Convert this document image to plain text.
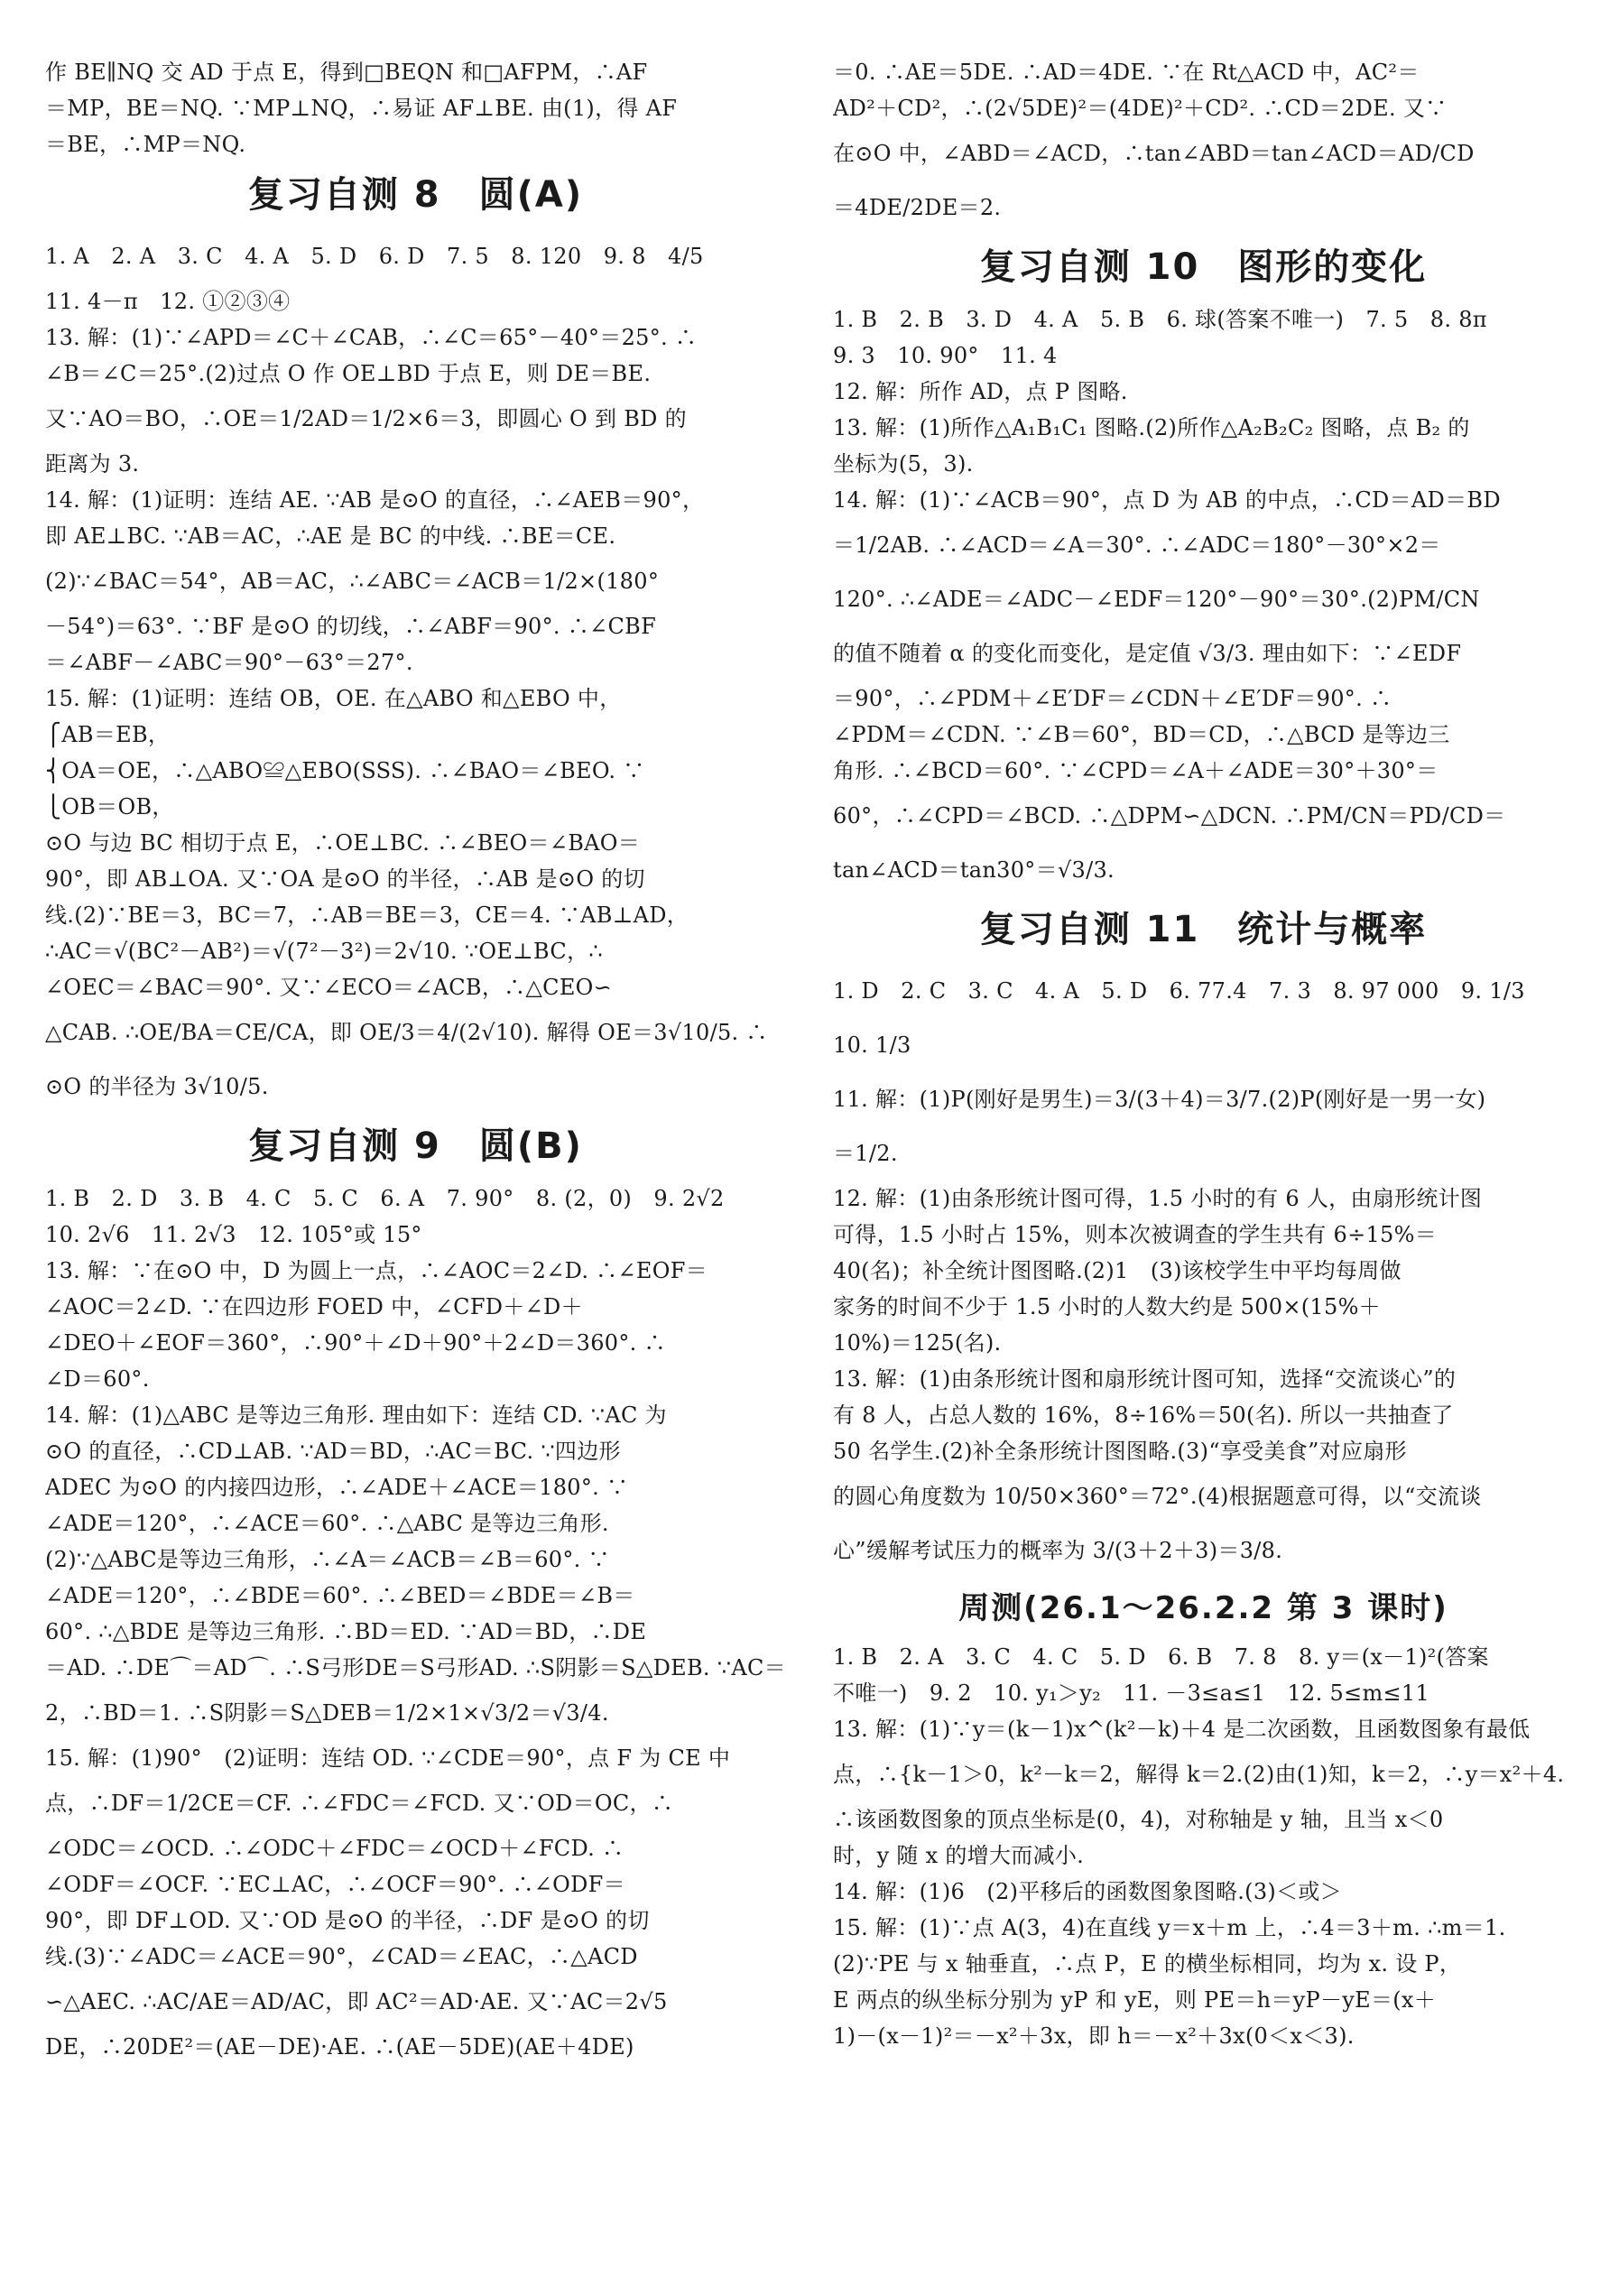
作 BE∥NQ 交 AD 于点 E，得到□BEQN 和□AFPM，∴AF
＝MP，BE＝NQ. ∵MP⊥NQ，∴易证 AF⊥BE. 由(1)，得 AF
＝BE，∴MP＝NQ.
复习自测 8　圆(A)
1. A　2. A　3. C　4. A　5. D　6. D　7. 5　8. 120　9. 8　4/5
11. 4－π　12. ①②③④
13. 解：(1)∵∠APD＝∠C＋∠CAB，∴∠C＝65°－40°＝25°. ∴
∠B＝∠C＝25°.(2)过点 O 作 OE⊥BD 于点 E，则 DE＝BE.
又∵AO＝BO，∴OE＝1/2AD＝1/2×6＝3，即圆心 O 到 BD 的
距离为 3.
14. 解：(1)证明：连结 AE. ∵AB 是⊙O 的直径，∴∠AEB＝90°，
即 AE⊥BC. ∵AB＝AC，∴AE 是 BC 的中线. ∴BE＝CE.
(2)∵∠BAC＝54°，AB＝AC，∴∠ABC＝∠ACB＝1/2×(180°
－54°)＝63°. ∵BF 是⊙O 的切线，∴∠ABF＝90°. ∴∠CBF
＝∠ABF－∠ABC＝90°－63°＝27°.
15. 解：(1)证明：连结 OB，OE. 在△ABO 和△EBO 中，
⎧AB＝EB，
⎨OA＝OE，∴△ABO≌△EBO(SSS). ∴∠BAO＝∠BEO. ∵
⎩OB＝OB，
⊙O 与边 BC 相切于点 E，∴OE⊥BC. ∴∠BEO＝∠BAO＝
90°，即 AB⊥OA. 又∵OA 是⊙O 的半径，∴AB 是⊙O 的切
线.(2)∵BE＝3，BC＝7，∴AB＝BE＝3，CE＝4. ∵AB⊥AD，
∴AC＝√(BC²－AB²)＝√(7²－3²)＝2√10. ∵OE⊥BC，∴
∠OEC＝∠BAC＝90°. 又∵∠ECO＝∠ACB，∴△CEO∽
△CAB. ∴OE/BA＝CE/CA，即 OE/3＝4/(2√10). 解得 OE＝3√10/5. ∴
⊙O 的半径为 3√10/5.
复习自测 9　圆(B)
1. B　2. D　3. B　4. C　5. C　6. A　7. 90°　8. (2，0)　9. 2√2
10. 2√6　11. 2√3　12. 105°或 15°
13. 解：∵在⊙O 中，D 为圆上一点，∴∠AOC＝2∠D. ∴∠EOF＝
∠AOC＝2∠D. ∵在四边形 FOED 中，∠CFD＋∠D＋
∠DEO＋∠EOF＝360°，∴90°＋∠D＋90°＋2∠D＝360°. ∴
∠D＝60°.
14. 解：(1)△ABC 是等边三角形. 理由如下：连结 CD. ∵AC 为
⊙O 的直径，∴CD⊥AB. ∵AD＝BD，∴AC＝BC. ∵四边形
ADEC 为⊙O 的内接四边形，∴∠ADE＋∠ACE＝180°. ∵
∠ADE＝120°，∴∠ACE＝60°. ∴△ABC 是等边三角形.
(2)∵△ABC是等边三角形，∴∠A＝∠ACB＝∠B＝60°. ∵
∠ADE＝120°，∴∠BDE＝60°. ∴∠BED＝∠BDE＝∠B＝
60°. ∴△BDE 是等边三角形. ∴BD＝ED. ∵AD＝BD，∴DE
＝AD. ∴DE⌒＝AD⌒. ∴S弓形DE＝S弓形AD. ∴S阴影＝S△DEB. ∵AC＝
2，∴BD＝1. ∴S阴影＝S△DEB＝1/2×1×√3/2＝√3/4.
15. 解：(1)90°　(2)证明：连结 OD. ∵∠CDE＝90°，点 F 为 CE 中
点，∴DF＝1/2CE＝CF. ∴∠FDC＝∠FCD. 又∵OD＝OC，∴
∠ODC＝∠OCD. ∴∠ODC＋∠FDC＝∠OCD＋∠FCD. ∴
∠ODF＝∠OCF. ∵EC⊥AC，∴∠OCF＝90°. ∴∠ODF＝
90°，即 DF⊥OD. 又∵OD 是⊙O 的半径，∴DF 是⊙O 的切
线.(3)∵∠ADC＝∠ACE＝90°，∠CAD＝∠EAC，∴△ACD
∽△AEC. ∴AC/AE＝AD/AC，即 AC²＝AD·AE. 又∵AC＝2√5
DE，∴20DE²＝(AE－DE)·AE. ∴(AE－5DE)(AE＋4DE)
＝0. ∴AE＝5DE. ∴AD＝4DE. ∵在 Rt△ACD 中，AC²＝
AD²＋CD²，∴(2√5DE)²＝(4DE)²＋CD². ∴CD＝2DE. 又∵
在⊙O 中，∠ABD＝∠ACD，∴tan∠ABD＝tan∠ACD＝AD/CD
＝4DE/2DE＝2.
复习自测 10　图形的变化
1. B　2. B　3. D　4. A　5. B　6. 球(答案不唯一)　7. 5　8. 8π
9. 3　10. 90°　11. 4
12. 解：所作 AD，点 P 图略.
13. 解：(1)所作△A₁B₁C₁ 图略.(2)所作△A₂B₂C₂ 图略，点 B₂ 的
坐标为(5，3).
14. 解：(1)∵∠ACB＝90°，点 D 为 AB 的中点，∴CD＝AD＝BD
＝1/2AB. ∴∠ACD＝∠A＝30°. ∴∠ADC＝180°－30°×2＝
120°. ∴∠ADE＝∠ADC－∠EDF＝120°－90°＝30°.(2)PM/CN
的值不随着 α 的变化而变化，是定值 √3/3. 理由如下：∵∠EDF
＝90°，∴∠PDM＋∠E′DF＝∠CDN＋∠E′DF＝90°. ∴
∠PDM＝∠CDN. ∵∠B＝60°，BD＝CD，∴△BCD 是等边三
角形. ∴∠BCD＝60°. ∵∠CPD＝∠A＋∠ADE＝30°＋30°＝
60°，∴∠CPD＝∠BCD. ∴△DPM∽△DCN. ∴PM/CN＝PD/CD＝
tan∠ACD＝tan30°＝√3/3.
复习自测 11　统计与概率
1. D　2. C　3. C　4. A　5. D　6. 77.4　7. 3　8. 97 000　9. 1/3
10. 1/3
11. 解：(1)P(刚好是男生)＝3/(3＋4)＝3/7.(2)P(刚好是一男一女)
＝1/2.
12. 解：(1)由条形统计图可得，1.5 小时的有 6 人，由扇形统计图
可得，1.5 小时占 15%，则本次被调查的学生共有 6÷15%＝
40(名)；补全统计图图略.(2)1　(3)该校学生中平均每周做
家务的时间不少于 1.5 小时的人数大约是 500×(15%＋
10%)＝125(名).
13. 解：(1)由条形统计图和扇形统计图可知，选择“交流谈心”的
有 8 人，占总人数的 16%，8÷16%＝50(名). 所以一共抽查了
50 名学生.(2)补全条形统计图图略.(3)“享受美食”对应扇形
的圆心角度数为 10/50×360°＝72°.(4)根据题意可得，以“交流谈
心”缓解考试压力的概率为 3/(3＋2＋3)＝3/8.
周测(26.1～26.2.2 第 3 课时)
1. B　2. A　3. C　4. C　5. D　6. B　7. 8　8. y＝(x－1)²(答案
不唯一)　9. 2　10. y₁＞y₂　11. －3≤a≤1　12. 5≤m≤11
13. 解：(1)∵y＝(k－1)x^(k²－k)＋4 是二次函数，且函数图象有最低
点，∴{k－1＞0，k²－k＝2，解得 k＝2.(2)由(1)知，k＝2，∴y＝x²＋4.
∴该函数图象的顶点坐标是(0，4)，对称轴是 y 轴，且当 x＜0
时，y 随 x 的增大而减小.
14. 解：(1)6　(2)平移后的函数图象图略.(3)＜或＞
15. 解：(1)∵点 A(3，4)在直线 y＝x＋m 上，∴4＝3＋m. ∴m＝1.
(2)∵PE 与 x 轴垂直，∴点 P，E 的横坐标相同，均为 x. 设 P，
E 两点的纵坐标分别为 yP 和 yE，则 PE＝h＝yP－yE＝(x＋
1)－(x－1)²＝－x²＋3x，即 h＝－x²＋3x(0＜x＜3).
